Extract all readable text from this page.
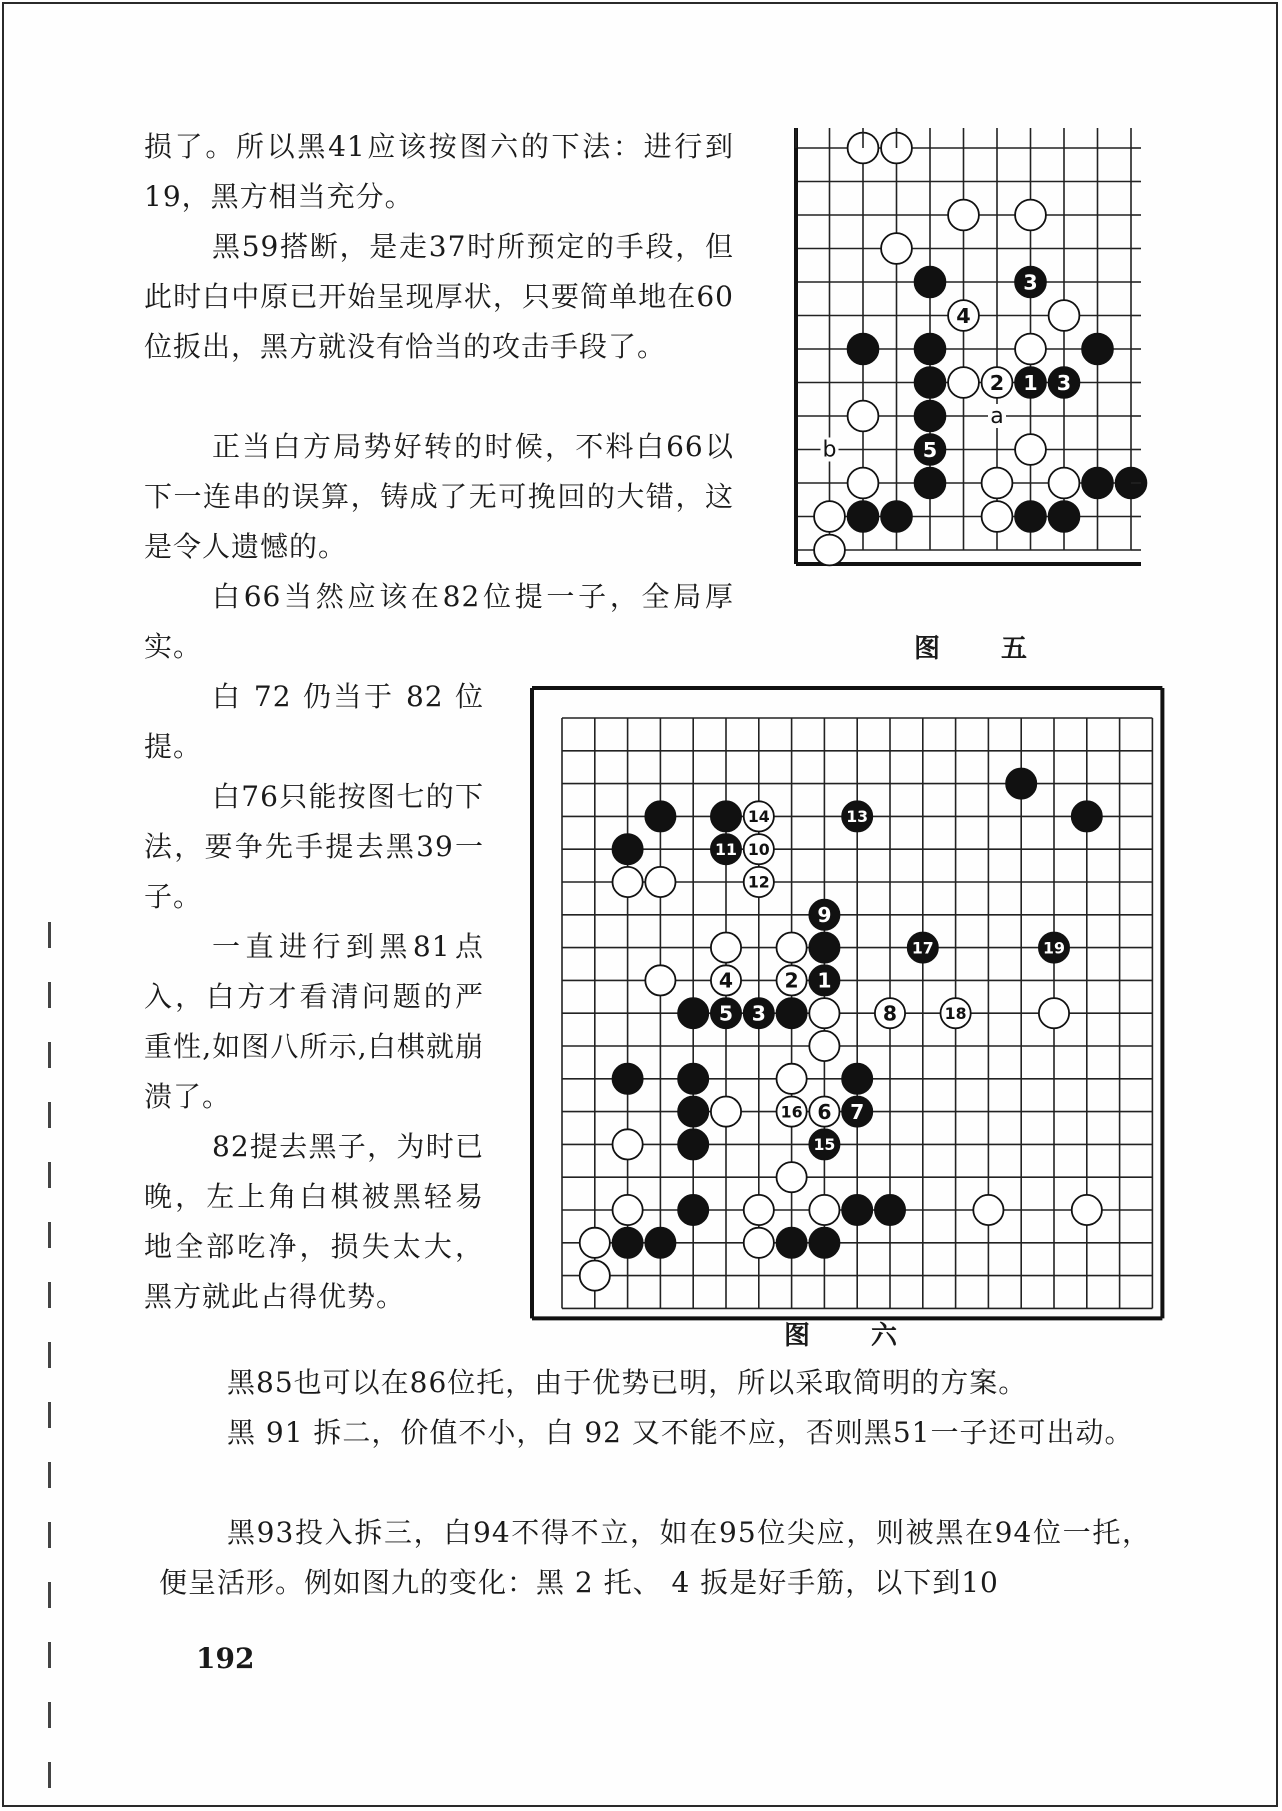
损了。所以黑41应该按图六的下法：进行到19，黑方相当充分。

黑59搭断，是走37时所预定的手段，但此时白中原已开始呈现厚状，只要简单地在60位扳出，黑方就没有恰当的攻击手段了。

正当白方局势好转的时候，不料白66以下一连串的误算，铸成了无可挽回的大错，这是令人遗憾的。

白66当然应该在82位提一子，全局厚实。

白 72 仍当于 82 位提。

白76只能按图七的下法，要争先手提去黑39一子。

一直进行到黑81点入，白方才看清问题的严重性,如图八所示,白棋就崩溃了。

82提去黑子，为时已晚，左上角白棋被黑轻易地全部吃净，损失太大，黑方就此占得优势。

黑85也可以在86位托，由于优势已明，所以采取简明的方案。

黑 91 拆二，价值不小，白 92 又不能不应，否则黑51一子还可出动。

黑93投入拆三，白94不得不立，如在95位尖应，则被黑在94位一托，便呈活形。例如图九的变化：黑 2 托、 4 扳是好手筋，以下到10

a
b
3
4
2 1 3
5
图 五
14	13
11 10
12
9
17	19
4	2 1
5 3	8	18
16 6 7
15
图 六
192
